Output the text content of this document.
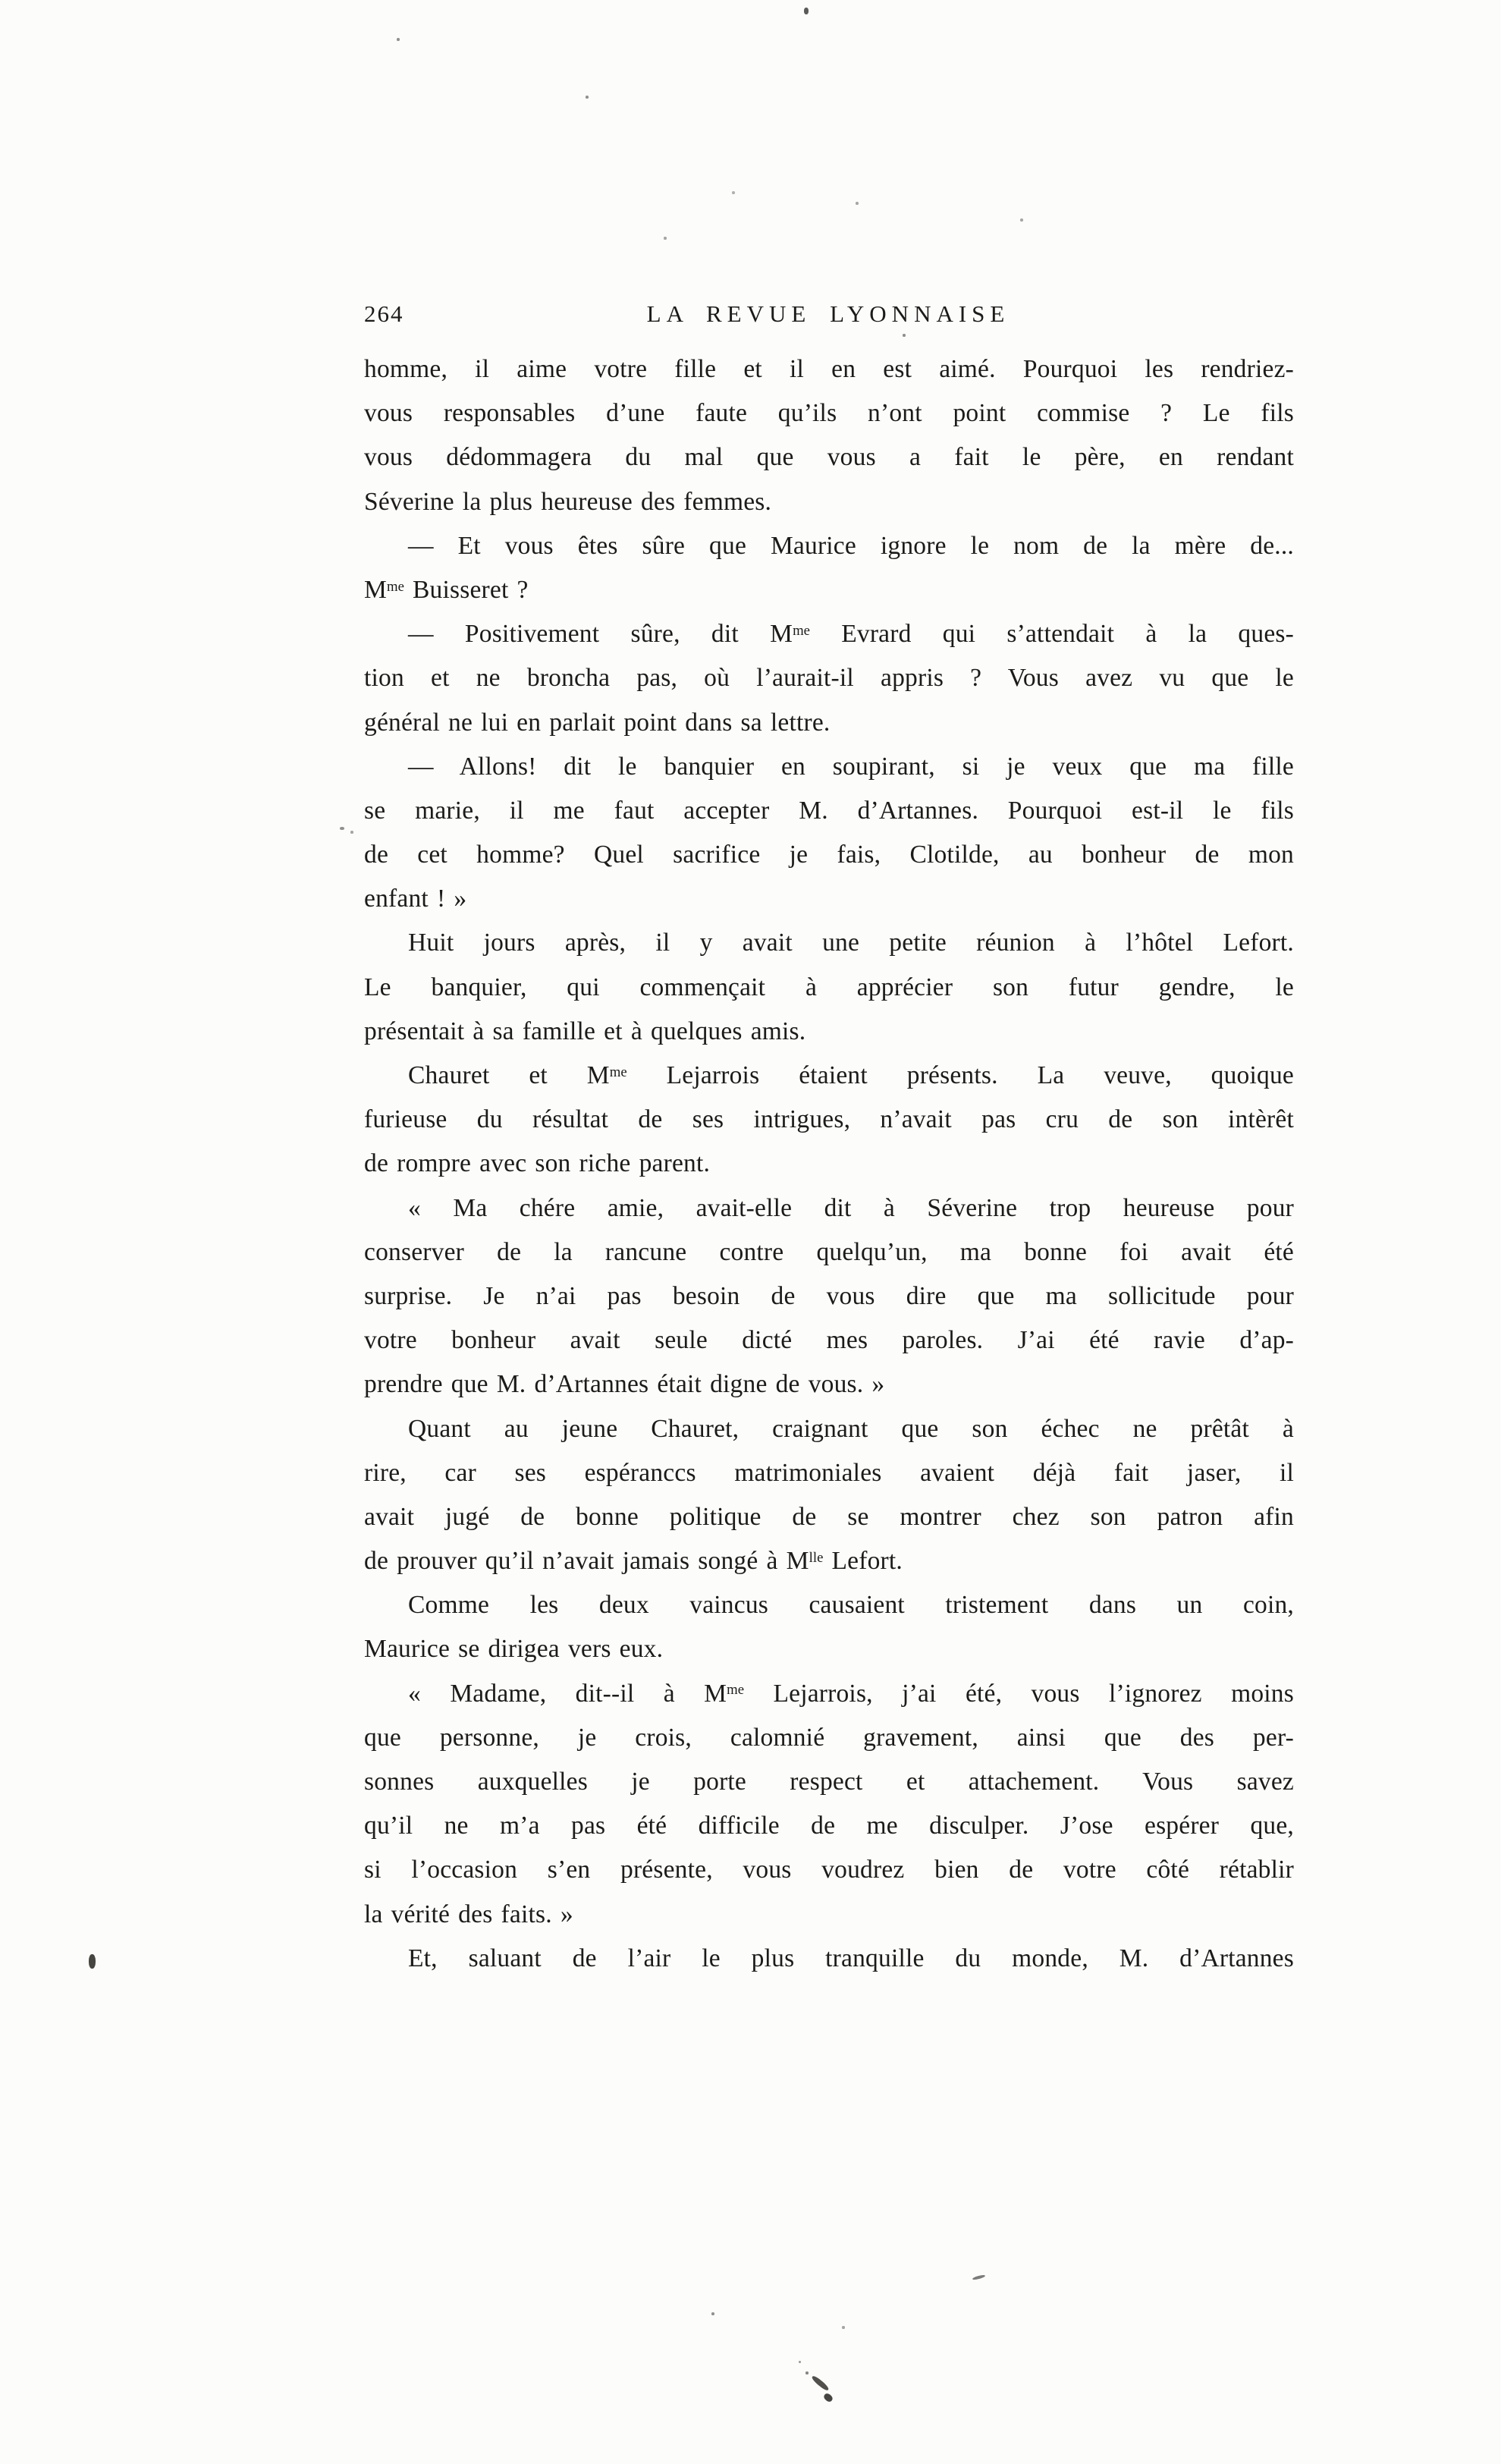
264	LA REVUE LYONNAISE
homme, il aime votre fille et il en est aimé. Pourquoi les rendriez-
vous responsables d’une faute qu’ils n’ont point commise ? Le fils
vous dédommagera du mal que vous a fait le père, en rendant
Séverine la plus heureuse des femmes.
— Et vous êtes sûre que Maurice ignore le nom de la mère de...
$M^{me}$ Buisseret ?
— Positivement sûre, dit $M^{me}$ Evrard qui s’attendait à la ques-
tion et ne broncha pas, où l’aurait-il appris ? Vous avez vu que le
général ne lui en parlait point dans sa lettre.
— Allons! dit le banquier en soupirant, si je veux que ma fille
se marie, il me faut accepter M. d’Artannes. Pourquoi est-il le fils
de cet homme? Quel sacrifice je fais, Clotilde, au bonheur de mon
enfant ! »
Huit jours après, il y avait une petite réunion à l’hôtel Lefort.
Le banquier, qui commençait à apprécier son futur gendre, le
présentait à sa famille et à quelques amis.
Chauret et $M^{me}$ Lejarrois étaient présents. La veuve, quoique
furieuse du résultat de ses intrigues, n’avait pas cru de son intèrêt
de rompre avec son riche parent.
« Ma chére amie, avait-elle dit à Séverine trop heureuse pour
conserver de la rancune contre quelqu’un, ma bonne foi avait été
surprise. Je n’ai pas besoin de vous dire que ma sollicitude pour
votre bonheur avait seule dicté mes paroles. J’ai été ravie d’ap-
prendre que M. d’Artannes était digne de vous. »
Quant au jeune Chauret, craignant que son échec ne prêtât à
rire, car ses espéranccs matrimoniales avaient déjà fait jaser, il
avait jugé de bonne politique de se montrer chez son patron afin
de prouver qu’il n’avait jamais songé à $M^{lle}$ Lefort.
Comme les deux vaincus causaient tristement dans un coin,
Maurice se dirigea vers eux.
« Madame, dit--il à $M^{me}$ Lejarrois, j’ai été, vous l’ignorez moins
que personne, je crois, calomnié gravement, ainsi que des per-
sonnes auxquelles je porte respect et attachement. Vous savez
qu’il ne m’a pas été difficile de me disculper. J’ose espérer que,
si l’occasion s’en présente, vous voudrez bien de votre côté rétablir
la vérité des faits. »
Et, saluant de l’air le plus tranquille du monde, M. d’Artannes
